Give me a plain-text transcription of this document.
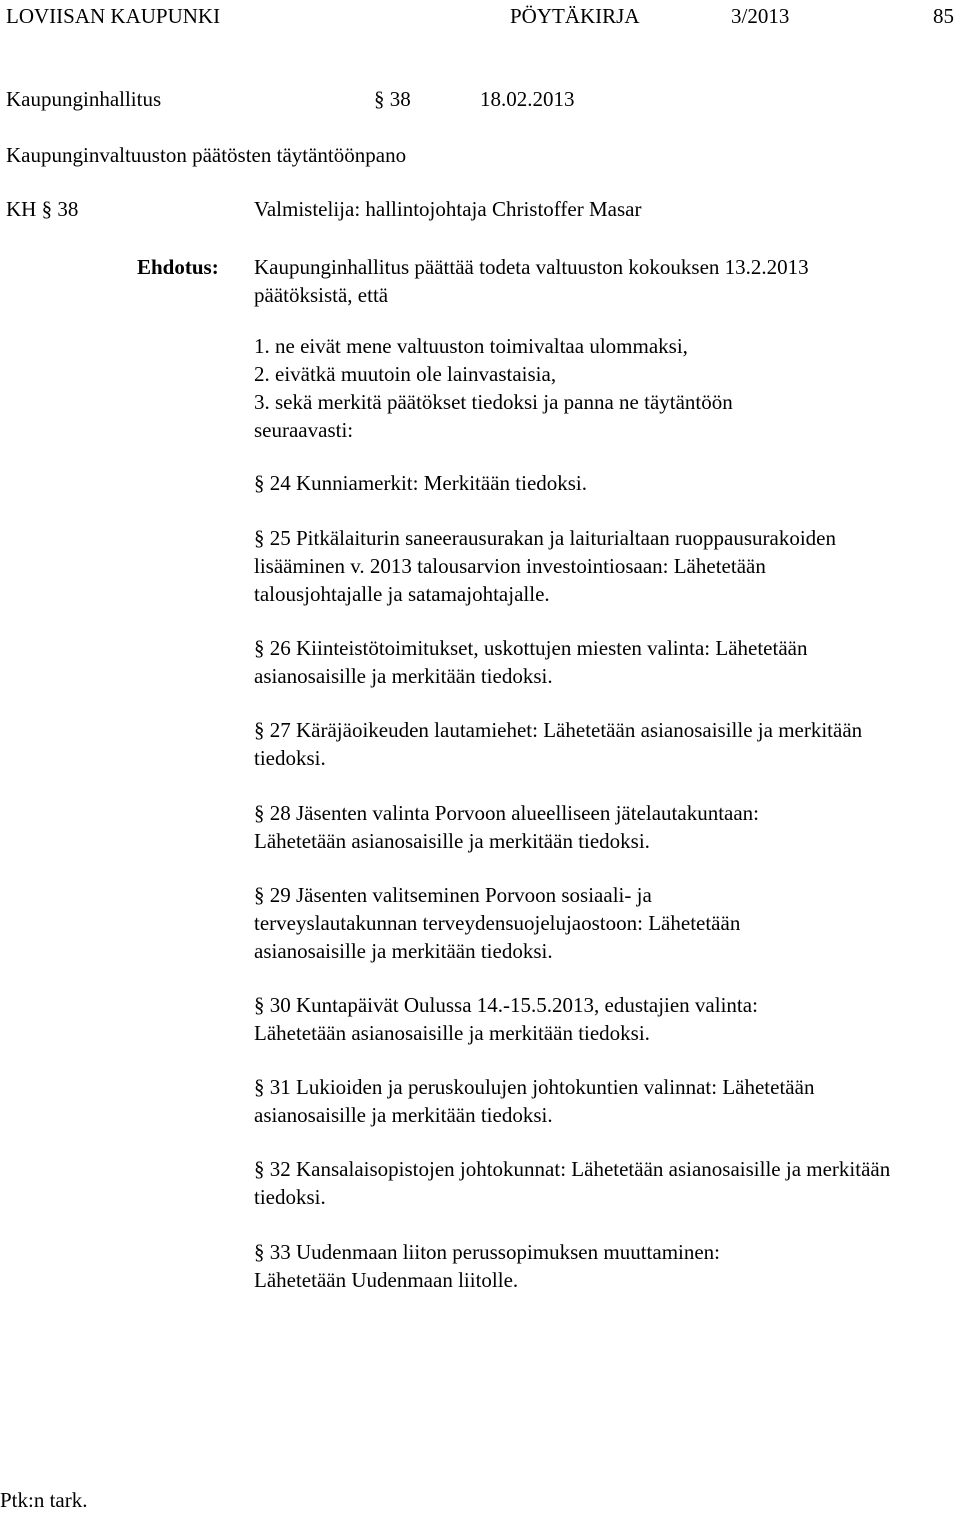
LOVIISAN KAUPUNKI	PÖYTÄKIRJA	3/2013	85
Kaupunginhallitus	§ 38	18.02.2013
Kaupunginvaltuuston päätösten täytäntöönpano
KH § 38	Valmistelija: hallintojohtaja Christoffer Masar
Ehdotus: Kaupunginhallitus päättää todeta valtuuston kokouksen 13.2.2013 päätöksistä, että
1. ne eivät mene valtuuston toimivaltaa ulommaksi,
2. eivätkä muutoin ole lainvastaisia,
3. sekä merkitä päätökset tiedoksi ja panna ne täytäntöön seuraavasti:
§ 24 Kunniamerkit: Merkitään tiedoksi.
§ 25 Pitkälaiturin saneerausurakan ja laiturialtaan ruoppausurakoiden lisääminen v. 2013 talousarvion investointiosaan: Lähetetään talousjohtajalle ja satamajohtajalle.
§ 26 Kiinteistötoimitukset, uskottujen miesten valinta: Lähetetään asianosaisille ja merkitään tiedoksi.
§ 27 Käräjäoikeuden lautamiehet: Lähetetään asianosaisille ja merkitään tiedoksi.
§ 28 Jäsenten valinta Porvoon alueelliseen jätelautakuntaan: Lähetetään asianosaisille ja merkitään tiedoksi.
§ 29 Jäsenten valitseminen Porvoon sosiaali- ja terveyslautakunnan terveydensuojelujaostoon: Lähetetään asianosaisille ja merkitään tiedoksi.
§ 30 Kuntapäivät Oulussa 14.-15.5.2013, edustajien valinta: Lähetetään asianosaisille ja merkitään tiedoksi.
§ 31 Lukioiden ja peruskoulujen johtokuntien valinnat: Lähetetään asianosaisille ja merkitään tiedoksi.
§ 32 Kansalaisopistojen johtokunnat: Lähetetään asianosaisille ja merkitään tiedoksi.
§ 33 Uudenmaan liiton perussopimuksen muuttaminen: Lähetetään Uudenmaan liitolle.
Ptk:n tark.
